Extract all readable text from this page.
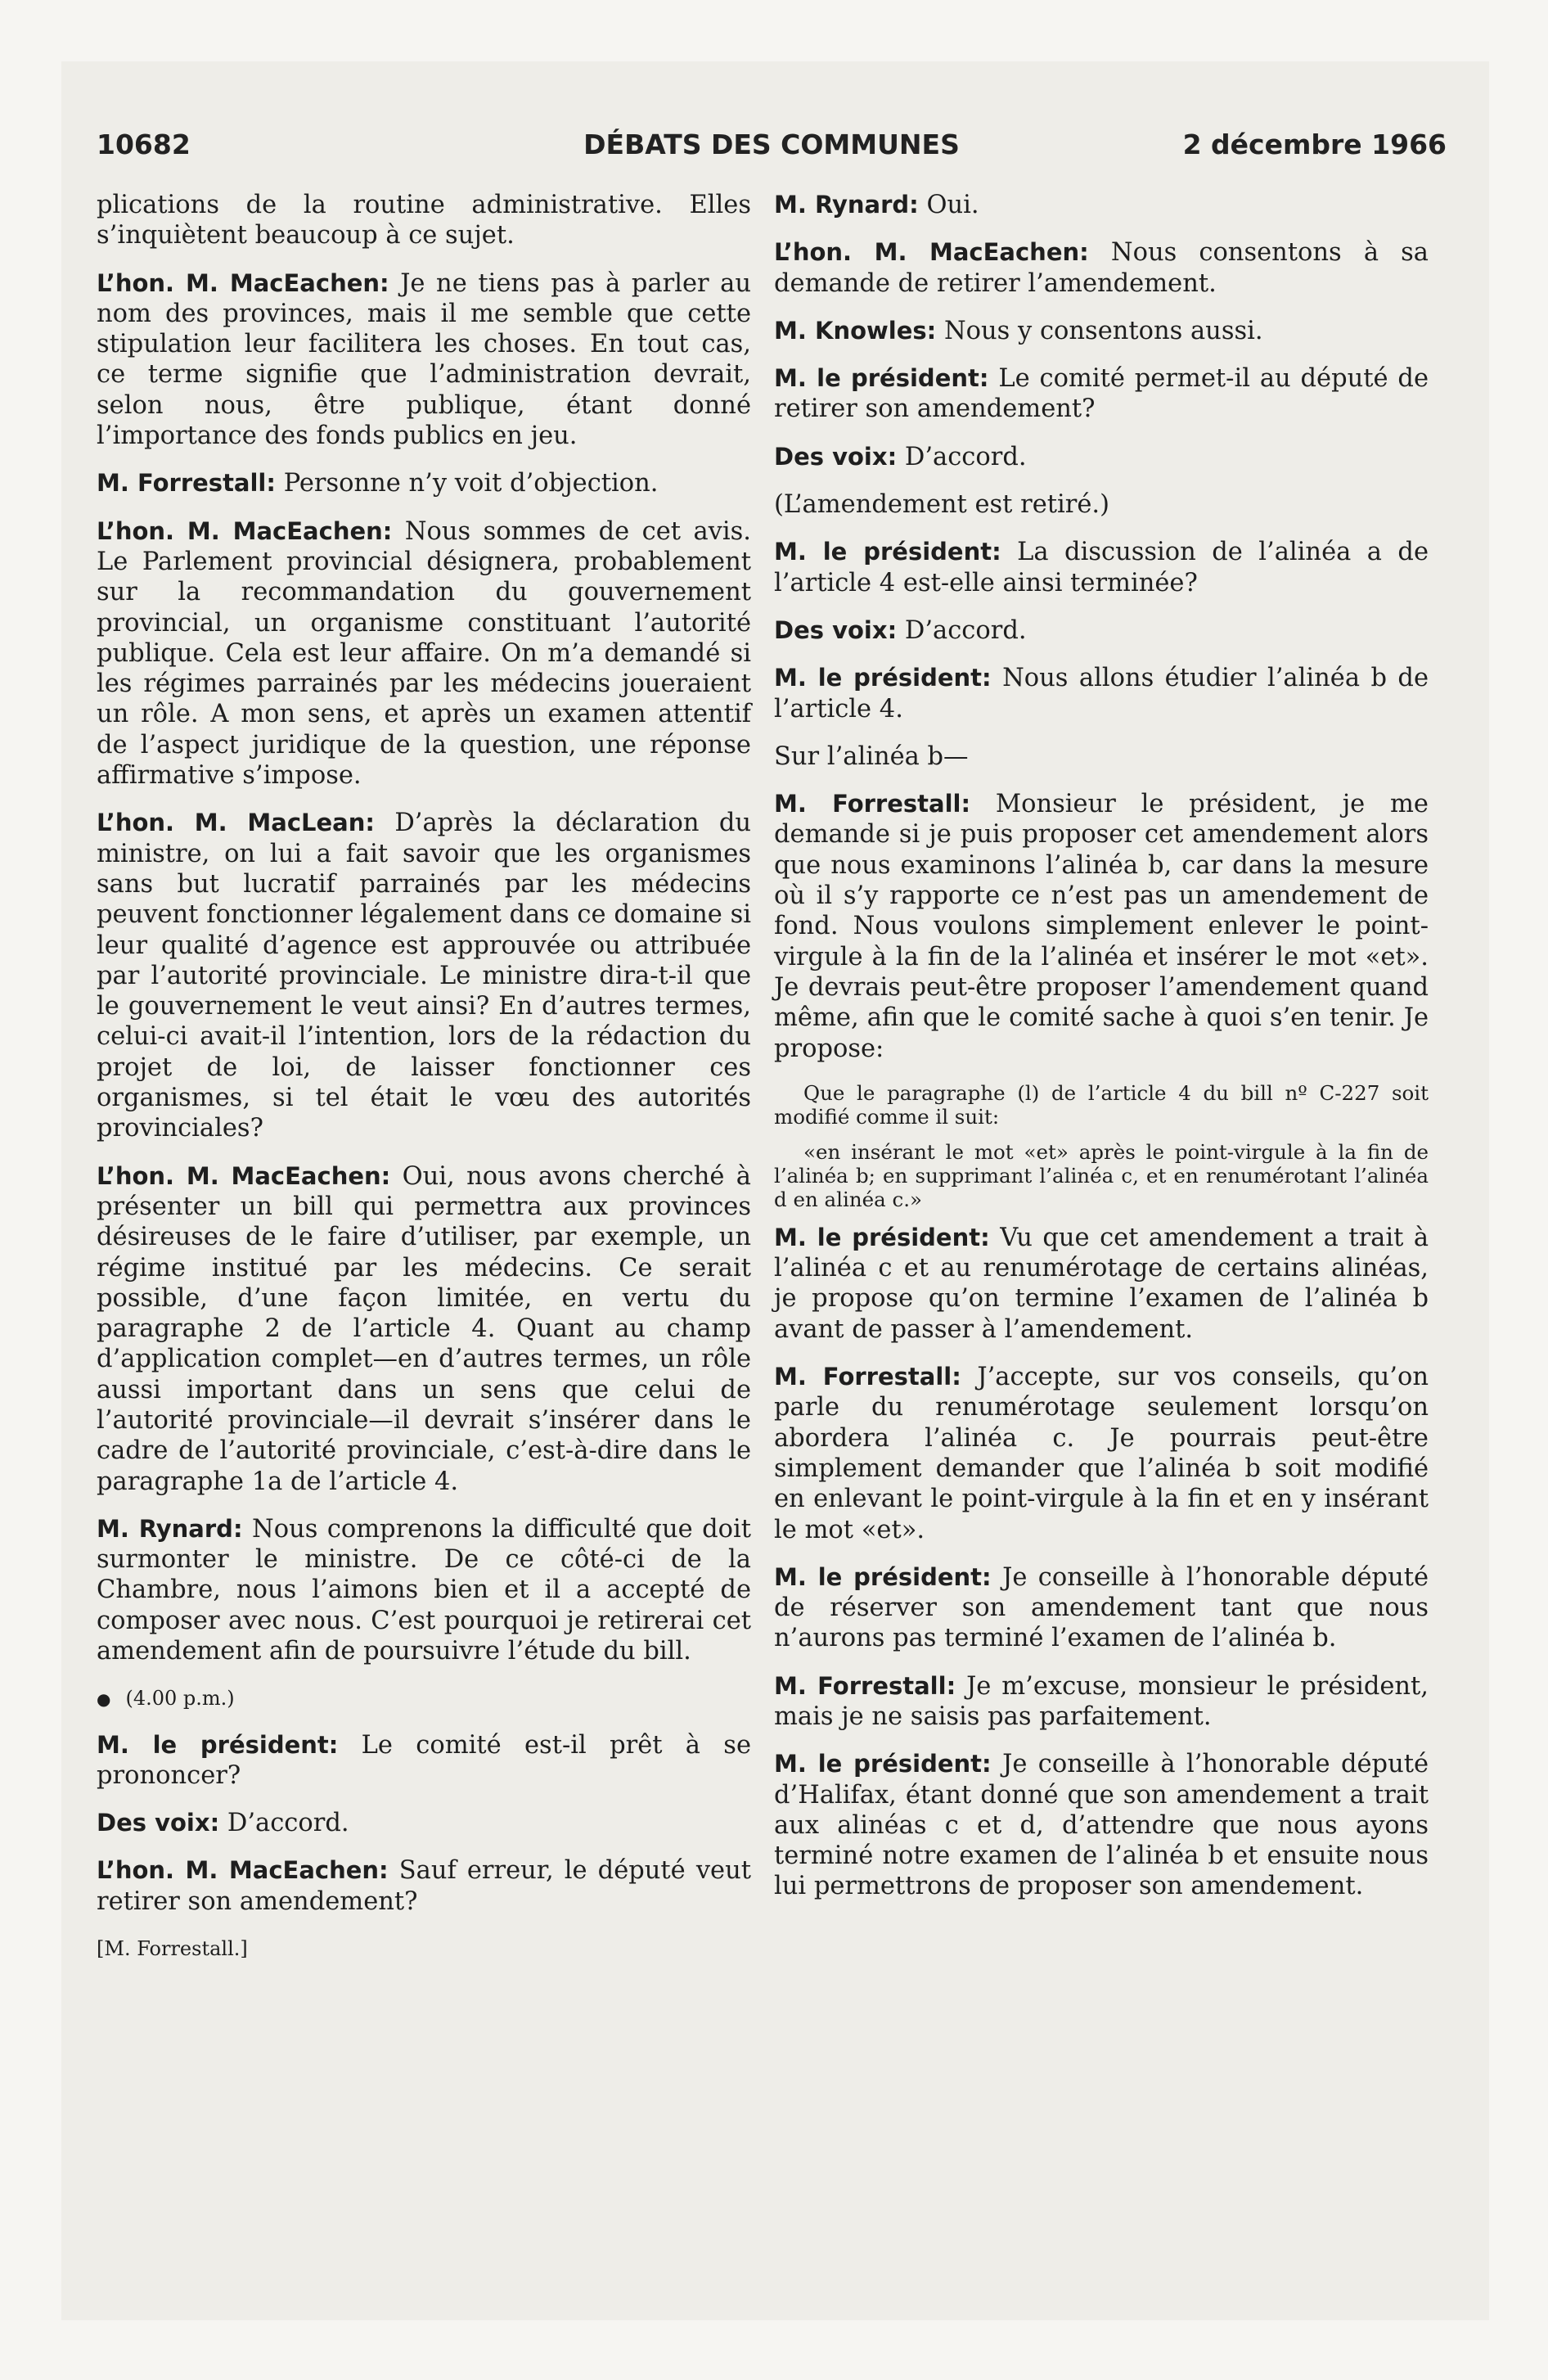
10682	DÉBATS DES COMMUNES	2 décembre 1966

plications de la routine administrative. Elles s’inquiètent beaucoup à ce sujet.

L’hon. M. MacEachen: Je ne tiens pas à parler au nom des provinces, mais il me semble que cette stipulation leur facilitera les choses. En tout cas, ce terme signifie que l’administration devrait, selon nous, être publique, étant donné l’importance des fonds publics en jeu.

M. Forrestall: Personne n’y voit d’objection.

L’hon. M. MacEachen: Nous sommes de cet avis. Le Parlement provincial désignera, probablement sur la recommandation du gouvernement provincial, un organisme constituant l’autorité publique. Cela est leur affaire. On m’a demandé si les régimes parrainés par les médecins joueraient un rôle. A mon sens, et après un examen attentif de l’aspect juridique de la question, une réponse affirmative s’impose.

L’hon. M. MacLean: D’après la déclaration du ministre, on lui a fait savoir que les organismes sans but lucratif parrainés par les médecins peuvent fonctionner légalement dans ce domaine si leur qualité d’agence est approuvée ou attribuée par l’autorité provinciale. Le ministre dira-t-il que le gouvernement le veut ainsi? En d’autres termes, celui-ci avait-il l’intention, lors de la rédaction du projet de loi, de laisser fonctionner ces organismes, si tel était le vœu des autorités provinciales?

L’hon. M. MacEachen: Oui, nous avons cherché à présenter un bill qui permettra aux provinces désireuses de le faire d’utiliser, par exemple, un régime institué par les médecins. Ce serait possible, d’une façon limitée, en vertu du paragraphe 2 de l’article 4. Quant au champ d’application complet—en d’autres termes, un rôle aussi important dans un sens que celui de l’autorité provinciale—il devrait s’insérer dans le cadre de l’autorité provinciale, c’est-à-dire dans le paragraphe 1a de l’article 4.

M. Rynard: Nous comprenons la difficulté que doit surmonter le ministre. De ce côté-ci de la Chambre, nous l’aimons bien et il a accepté de composer avec nous. C’est pourquoi je retirerai cet amendement afin de poursuivre l’étude du bill.

● (4.00 p.m.)

M. le président: Le comité est-il prêt à se prononcer?

Des voix: D’accord.

L’hon. M. MacEachen: Sauf erreur, le député veut retirer son amendement?

[M. Forrestall.]

M. Rynard: Oui.

L’hon. M. MacEachen: Nous consentons à sa demande de retirer l’amendement.

M. Knowles: Nous y consentons aussi.

M. le président: Le comité permet-il au député de retirer son amendement?

Des voix: D’accord.

(L’amendement est retiré.)

M. le président: La discussion de l’alinéa a de l’article 4 est-elle ainsi terminée?

Des voix: D’accord.

M. le président: Nous allons étudier l’alinéa b de l’article 4.

Sur l’alinéa b—

M. Forrestall: Monsieur le président, je me demande si je puis proposer cet amendement alors que nous examinons l’alinéa b, car dans la mesure où il s’y rapporte ce n’est pas un amendement de fond. Nous voulons simplement enlever le point-virgule à la fin de la l’alinéa et insérer le mot «et». Je devrais peut-être proposer l’amendement quand même, afin que le comité sache à quoi s’en tenir. Je propose:

Que le paragraphe (l) de l’article 4 du bill nº C-227 soit modifié comme il suit:

«en insérant le mot «et» après le point-virgule à la fin de l’alinéa b; en supprimant l’alinéa c, et en renumérotant l’alinéa d en alinéa c.»

M. le président: Vu que cet amendement a trait à l’alinéa c et au renumérotage de certains alinéas, je propose qu’on termine l’examen de l’alinéa b avant de passer à l’amendement.

M. Forrestall: J’accepte, sur vos conseils, qu’on parle du renumérotage seulement lorsqu’on abordera l’alinéa c. Je pourrais peut-être simplement demander que l’alinéa b soit modifié en enlevant le point-virgule à la fin et en y insérant le mot «et».

M. le président: Je conseille à l’honorable député de réserver son amendement tant que nous n’aurons pas terminé l’examen de l’alinéa b.

M. Forrestall: Je m’excuse, monsieur le président, mais je ne saisis pas parfaitement.

M. le président: Je conseille à l’honorable député d’Halifax, étant donné que son amendement a trait aux alinéas c et d, d’attendre que nous ayons terminé notre examen de l’alinéa b et ensuite nous lui permettrons de proposer son amendement.
